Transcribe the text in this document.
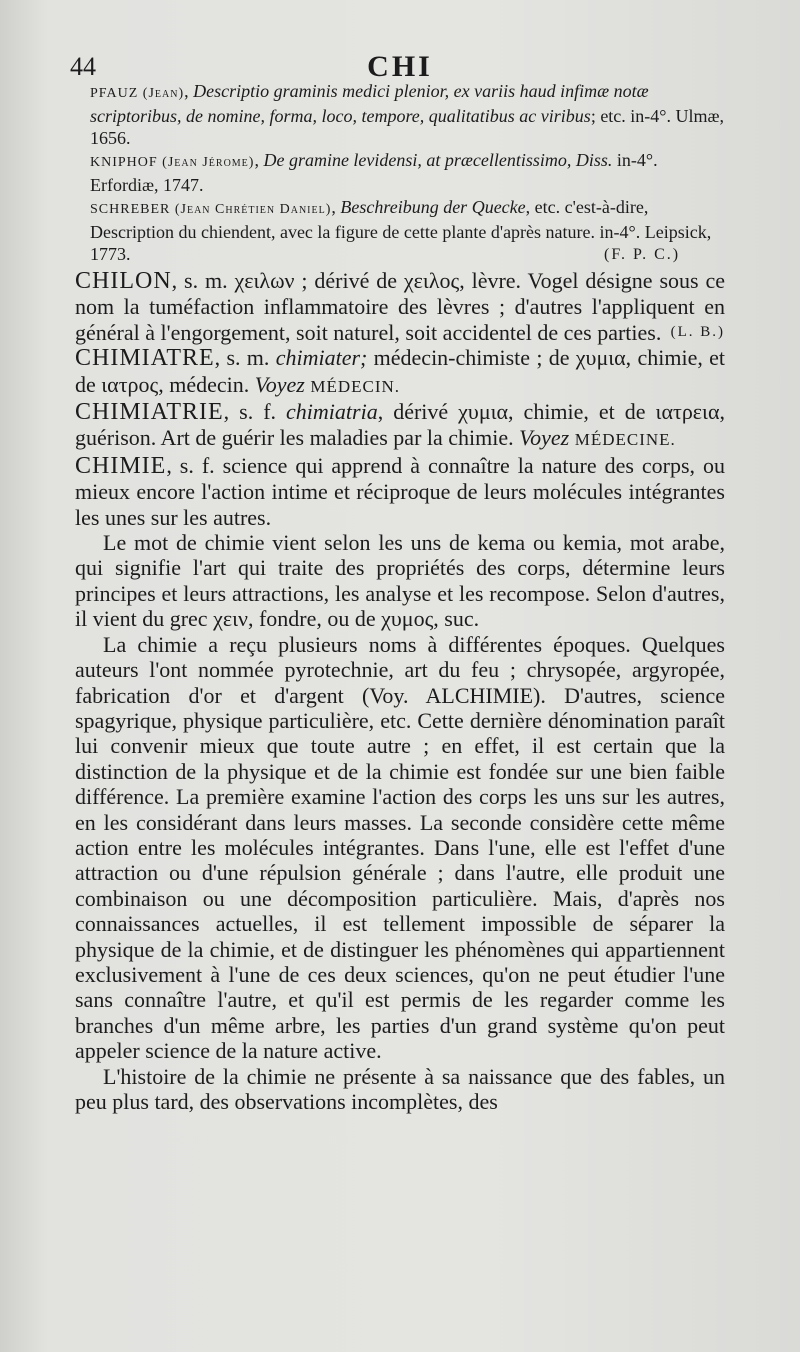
44	CHI

PFAUZ (Jean), Descriptio graminis medici plenior, ex variis haud infimæ notæ scriptoribus, de nomine, forma, loco, tempore, qualitatibus ac viribus; etc. in-4°. Ulmæ, 1656.

KNIPHOF (Jean Jérome), De gramine levidensi, at præcellentissimo, Diss. in-4°. Erfordiæ, 1747.

SCHREBER (Jean Chrétien Daniel), Beschreibung der Quecke, etc. c'est-à-dire, Description du chiendent, avec la figure de cette plante d'après nature. in-4°. Leipsick, 1773.	(F. P. C.)

CHILON, s. m. χειλων ; dérivé de χειλος, lèvre. Vogel désigne sous ce nom la tuméfaction inflammatoire des lèvres ; d'autres l'appliquent en général à l'engorgement, soit naturel, soit accidentel de ces parties. (L. B.)

CHIMIATRE, s. m. chimiater; médecin-chimiste ; de χυμια, chimie, et de ιατρος, médecin. Voyez MÉDECIN.

CHIMIATRIE, s. f. chimiatria, dérivé χυμια, chimie, et de ιατρεια, guérison. Art de guérir les maladies par la chimie. Voyez MÉDECINE.

CHIMIE, s. f. science qui apprend à connaître la nature des corps, ou mieux encore l'action intime et réciproque de leurs molécules intégrantes les unes sur les autres.

Le mot de chimie vient selon les uns de kema ou kemia, mot arabe, qui signifie l'art qui traite des propriétés des corps, détermine leurs principes et leurs attractions, les analyse et les recompose. Selon d'autres, il vient du grec χειν, fondre, ou de χυμος, suc.

La chimie a reçu plusieurs noms à différentes époques. Quelques auteurs l'ont nommée pyrotechnie, art du feu ; chrysopée, argyropée, fabrication d'or et d'argent (Voy. ALCHIMIE). D'autres, science spagyrique, physique particulière, etc. Cette dernière dénomination paraît lui convenir mieux que toute autre ; en effet, il est certain que la distinction de la physique et de la chimie est fondée sur une bien faible différence. La première examine l'action des corps les uns sur les autres, en les considérant dans leurs masses. La seconde considère cette même action entre les molécules intégrantes. Dans l'une, elle est l'effet d'une attraction ou d'une répulsion générale ; dans l'autre, elle produit une combinaison ou une décomposition particulière. Mais, d'après nos connaissances actuelles, il est tellement impossible de séparer la physique de la chimie, et de distinguer les phénomènes qui appartiennent exclusivement à l'une de ces deux sciences, qu'on ne peut étudier l'une sans connaître l'autre, et qu'il est permis de les regarder comme les branches d'un même arbre, les parties d'un grand système qu'on peut appeler science de la nature active.

L'histoire de la chimie ne présente à sa naissance que des fables, un peu plus tard, des observations incomplètes, des
